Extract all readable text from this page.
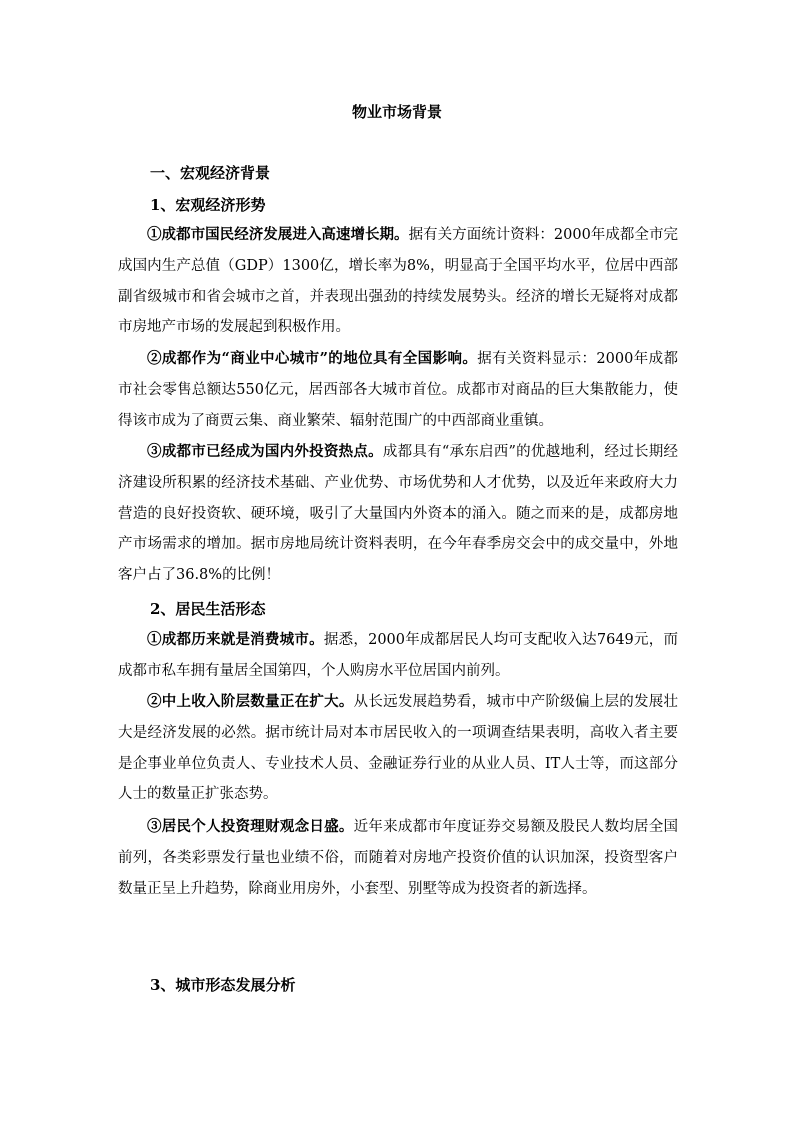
物业市场背景
一、宏观经济背景
1、宏观经济形势
①成都市国民经济发展进入高速增长期。据有关方面统计资料：2000年成都全市完成国内生产总值（GDP）1300亿，增长率为8%，明显高于全国平均水平，位居中西部副省级城市和省会城市之首，并表现出强劲的持续发展势头。经济的增长无疑将对成都市房地产市场的发展起到积极作用。
②成都作为“商业中心城市”的地位具有全国影响。据有关资料显示：2000年成都市社会零售总额达550亿元，居西部各大城市首位。成都市对商品的巨大集散能力，使得该市成为了商贾云集、商业繁荣、辐射范围广的中西部商业重镇。
③成都市已经成为国内外投资热点。成都具有“承东启西”的优越地利，经过长期经济建设所积累的经济技术基础、产业优势、市场优势和人才优势，以及近年来政府大力营造的良好投资软、硬环境，吸引了大量国内外资本的涌入。随之而来的是，成都房地产市场需求的增加。据市房地局统计资料表明，在今年春季房交会中的成交量中，外地客户占了36.8%的比例！
2、居民生活形态
①成都历来就是消费城市。据悉，2000年成都居民人均可支配收入达7649元，而成都市私车拥有量居全国第四，个人购房水平位居国内前列。
②中上收入阶层数量正在扩大。从长远发展趋势看，城市中产阶级偏上层的发展壮大是经济发展的必然。据市统计局对本市居民收入的一项调查结果表明，高收入者主要是企事业单位负责人、专业技术人员、金融证券行业的从业人员、IT人士等，而这部分人士的数量正扩张态势。
③居民个人投资理财观念日盛。近年来成都市年度证券交易额及股民人数均居全国前列，各类彩票发行量也业绩不俗，而随着对房地产投资价值的认识加深，投资型客户数量正呈上升趋势，除商业用房外，小套型、别墅等成为投资者的新选择。
3、城市形态发展分析
